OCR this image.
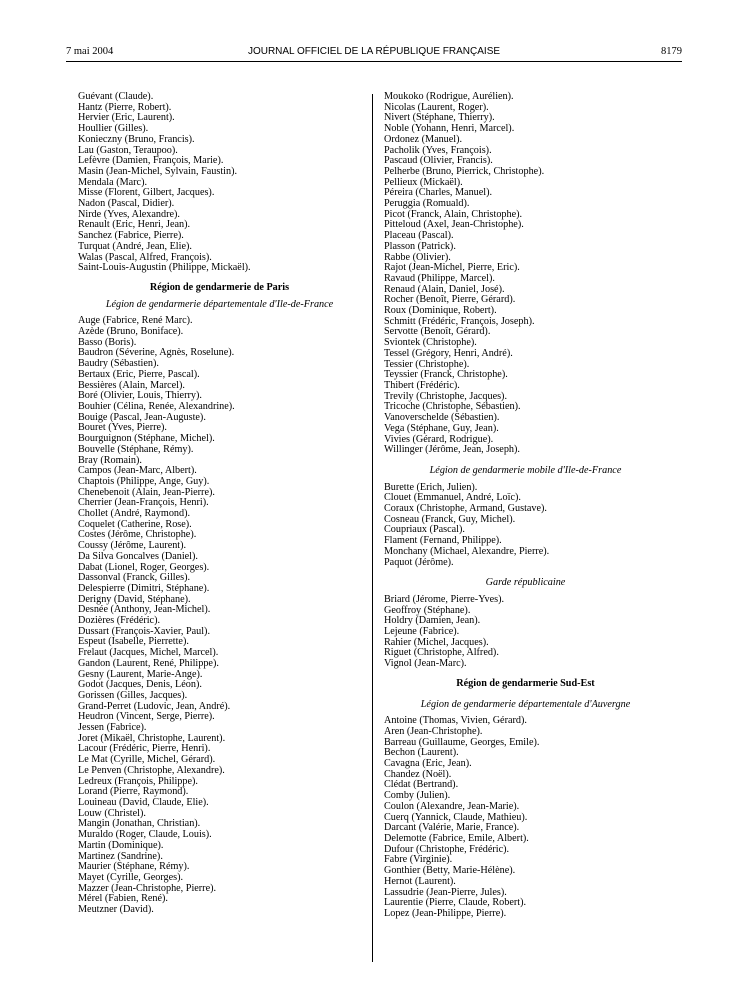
7 mai 2004	JOURNAL OFFICIEL DE LA RÉPUBLIQUE FRANÇAISE	8179
Guévant (Claude).
Hantz (Pierre, Robert).
Hervier (Eric, Laurent).
Houllier (Gilles).
Konieczny (Bruno, Francis).
Lau (Gaston, Teraupoo).
Lefèvre (Damien, François, Marie).
Masin (Jean-Michel, Sylvain, Faustin).
Mendala (Marc).
Misse (Florent, Gilbert, Jacques).
Nadon (Pascal, Didier).
Nirde (Yves, Alexandre).
Renault (Eric, Henri, Jean).
Sanchez (Fabrice, Pierre).
Turquat (André, Jean, Elie).
Walas (Pascal, Alfred, François).
Saint-Louis-Augustin (Philippe, Mickaël).
Région de gendarmerie de Paris
Légion de gendarmerie départementale d'Ile-de-France
Auge (Fabrice, René Marc).
Azède (Bruno, Boniface).
Basso (Boris).
Baudron (Séverine, Agnès, Roselune).
Baudry (Sébastien).
Bertaux (Eric, Pierre, Pascal).
Bessières (Alain, Marcel).
Boré (Olivier, Louis, Thierry).
Bouhier (Célina, Renée, Alexandrine).
Bouige (Pascal, Jean-Auguste).
Bouret (Yves, Pierre).
Bourguignon (Stéphane, Michel).
Bouvelle (Stéphane, Rémy).
Bray (Romain).
Campos (Jean-Marc, Albert).
Chaptois (Philippe, Ange, Guy).
Chenebenoit (Alain, Jean-Pierre).
Cherrier (Jean-François, Henri).
Chollet (André, Raymond).
Coquelet (Catherine, Rose).
Costes (Jérôme, Christophe).
Coussy (Jérôme, Laurent).
Da Silva Goncalves (Daniel).
Dabat (Lionel, Roger, Georges).
Dassonval (Franck, Gilles).
Delespierre (Dimitri, Stéphane).
Derigny (David, Stéphane).
Desnée (Anthony, Jean-Michel).
Dozières (Frédéric).
Dussart (François-Xavier, Paul).
Espeut (Isabelle, Pierrette).
Frelaut (Jacques, Michel, Marcel).
Gandon (Laurent, René, Philippe).
Gesny (Laurent, Marie-Ange).
Godot (Jacques, Denis, Léon).
Gorissen (Gilles, Jacques).
Grand-Perret (Ludovic, Jean, André).
Heudron (Vincent, Serge, Pierre).
Jessen (Fabrice).
Joret (Mikaël, Christophe, Laurent).
Lacour (Frédéric, Pierre, Henri).
Le Mat (Cyrille, Michel, Gérard).
Le Penven (Christophe, Alexandre).
Ledreux (François, Philippe).
Lorand (Pierre, Raymond).
Louineau (David, Claude, Elie).
Louw (Christel).
Mangin (Jonathan, Christian).
Muraldo (Roger, Claude, Louis).
Martin (Dominique).
Martinez (Sandrine).
Maurier (Stéphane, Rémy).
Mayet (Cyrille, Georges).
Mazzer (Jean-Christophe, Pierre).
Mérel (Fabien, René).
Meutzner (David).
Moukoko (Rodrigue, Aurélien).
Nicolas (Laurent, Roger).
Nivert (Stéphane, Thierry).
Noble (Yohann, Henri, Marcel).
Ordonez (Manuel).
Pacholik (Yves, François).
Pascaud (Olivier, Francis).
Pelherbe (Bruno, Pierrick, Christophe).
Pellieux (Mickaël).
Péreira (Charles, Manuel).
Peruggia (Romuald).
Picot (Franck, Alain, Christophe).
Pitteloud (Axel, Jean-Christophe).
Placeau (Pascal).
Plasson (Patrick).
Rabbe (Olivier).
Rajot (Jean-Michel, Pierre, Eric).
Ravaud (Philippe, Marcel).
Renaud (Alain, Daniel, José).
Rocher (Benoît, Pierre, Gérard).
Roux (Dominique, Robert).
Schmitt (Frédéric, François, Joseph).
Servotte (Benoît, Gérard).
Sviontek (Christophe).
Tessel (Grégory, Henri, André).
Tessier (Christophe).
Teyssier (Franck, Christophe).
Thibert (Frédéric).
Trevily (Christophe, Jacques).
Tricoche (Christophe, Sébastien).
Vanoverschelde (Sébastien).
Vega (Stéphane, Guy, Jean).
Vivies (Gérard, Rodrigue).
Willinger (Jérôme, Jean, Joseph).
Légion de gendarmerie mobile d'Ile-de-France
Burette (Erich, Julien).
Clouet (Emmanuel, André, Loïc).
Coraux (Christophe, Armand, Gustave).
Cosneau (Franck, Guy, Michel).
Coupriaux (Pascal).
Flament (Fernand, Philippe).
Monchany (Michael, Alexandre, Pierre).
Paquot (Jérôme).
Garde républicaine
Briard (Jérome, Pierre-Yves).
Geoffroy (Stéphane).
Holdry (Damien, Jean).
Lejeune (Fabrice).
Rahier (Michel, Jacques).
Riguet (Christophe, Alfred).
Vignol (Jean-Marc).
Région de gendarmerie Sud-Est
Légion de gendarmerie départementale d'Auvergne
Antoine (Thomas, Vivien, Gérard).
Aren (Jean-Christophe).
Barreau (Guillaume, Georges, Emile).
Bechon (Laurent).
Cavagna (Eric, Jean).
Chandez (Noël).
Clédat (Bertrand).
Comby (Julien).
Coulon (Alexandre, Jean-Marie).
Cuerq (Yannick, Claude, Mathieu).
Darcant (Valérie, Marie, France).
Delemotte (Fabrice, Emile, Albert).
Dufour (Christophe, Frédéric).
Fabre (Virginie).
Gonthier (Betty, Marie-Hélène).
Hernot (Laurent).
Lassudrie (Jean-Pierre, Jules).
Laurentie (Pierre, Claude, Robert).
Lopez (Jean-Philippe, Pierre).
